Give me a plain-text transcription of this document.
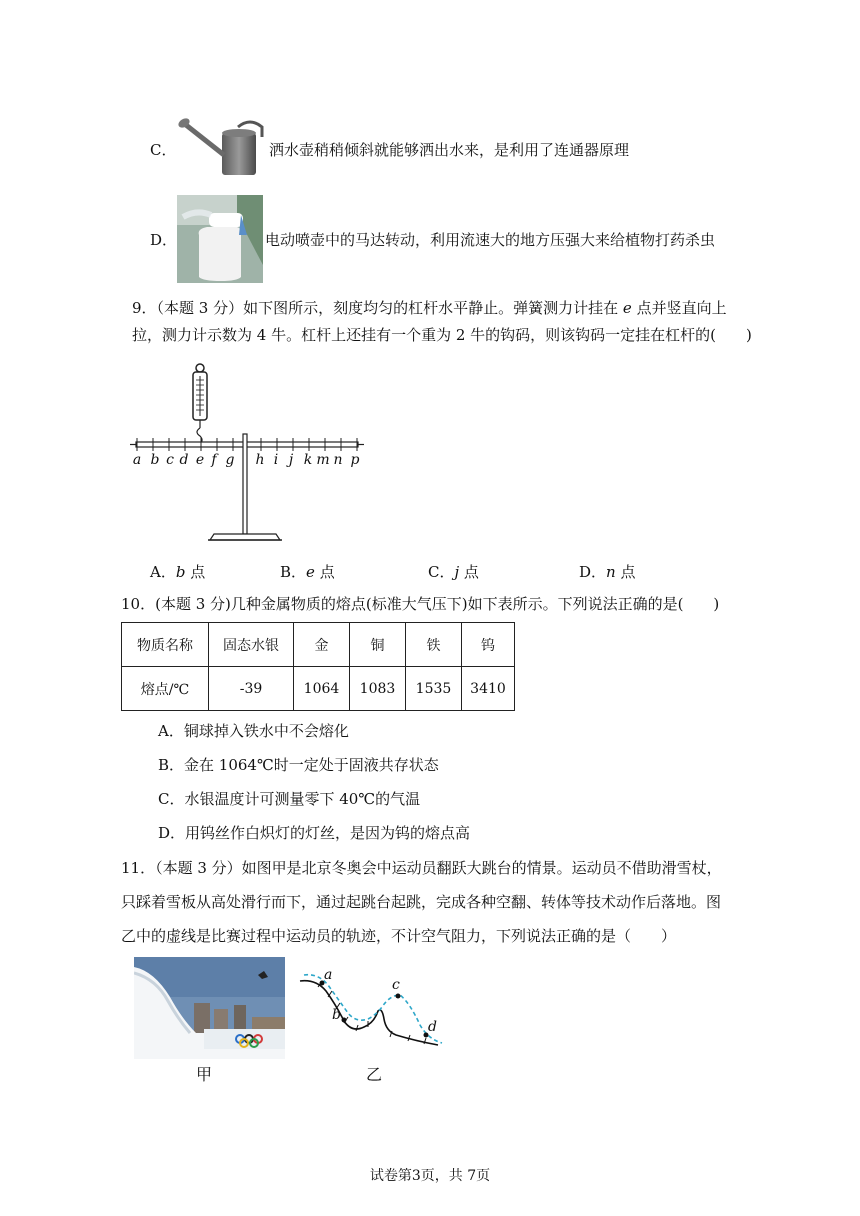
C．	洒水壶稍稍倾斜就能够洒出水来，是利用了连通器原理
D．	电动喷壶中的马达转动，利用流速大的地方压强大来给植物打药杀虫
9．（本题 3 分）如下图所示，刻度均匀的杠杆水平静止。弹簧测力计挂在 e 点并竖直向上
拉，测力计示数为 4 牛。杠杆上还挂有一个重为 2 牛的钩码，则该钩码一定挂在杠杆的(　　)
a b c d e f g h i j k m n p
A．b 点	B．e 点	C．j 点	D．n 点
10．(本题 3 分)几种金属物质的熔点(标准大气压下)如下表所示。下列说法正确的是(　　)
物质名称	固态水银	金	铜	铁	钨
熔点/℃	-39	1064	1083	1535	3410
A．铜球掉入铁水中不会熔化
B．金在 1064℃时一定处于固液共存状态
C．水银温度计可测量零下 40℃的气温
D．用钨丝作白炽灯的灯丝，是因为钨的熔点高
11．（本题 3 分）如图甲是北京冬奥会中运动员翻跃大跳台的情景。运动员不借助滑雪杖，
只踩着雪板从高处滑行而下，通过起跳台起跳，完成各种空翻、转体等技术动作后落地。图
乙中的虚线是比赛过程中运动员的轨迹，不计空气阻力，下列说法正确的是（　　）
甲
a
b
c
d
乙
试卷第3页，共 7页
